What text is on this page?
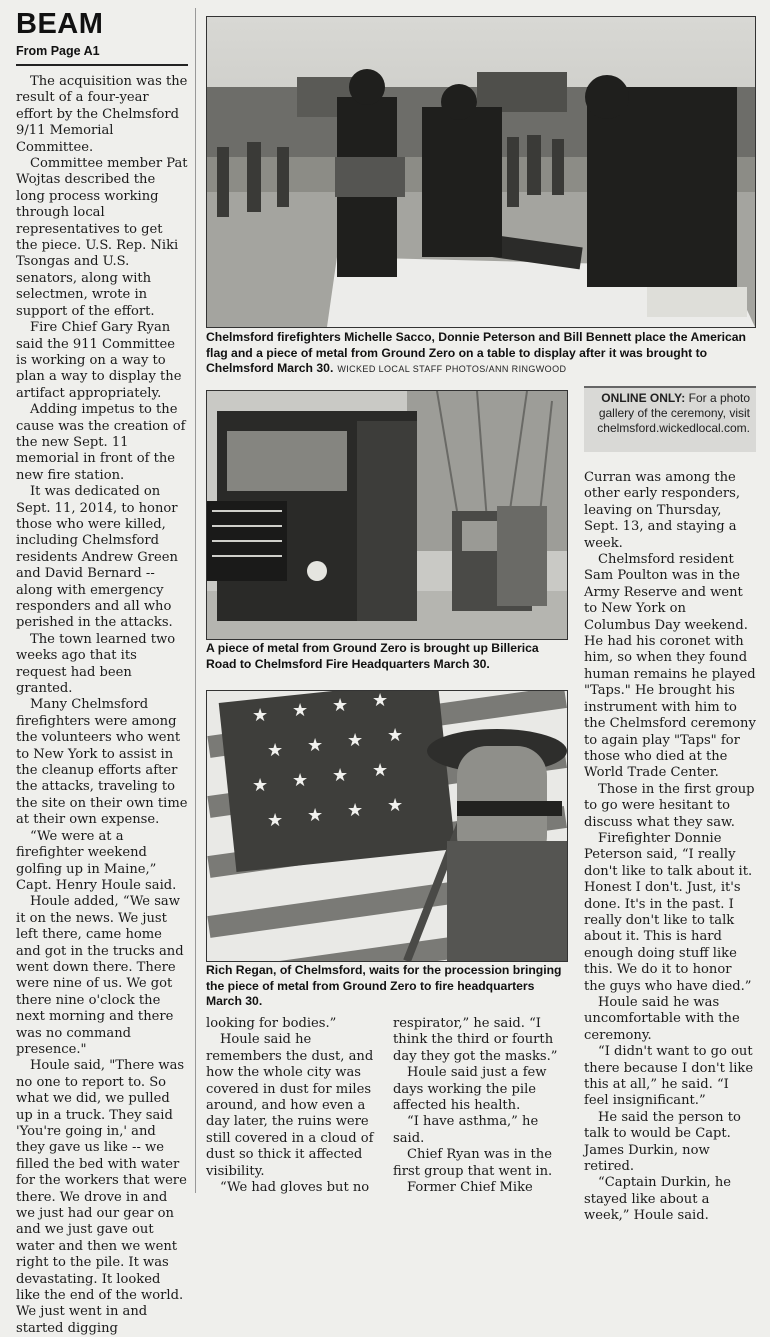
BEAM
From Page A1

The acquisition was the result of a four-year effort by the Chelmsford 9/11 Memorial Committee.

Committee member Pat Wojtas described the long process working through local representatives to get the piece. U.S. Rep. Niki Tsongas and U.S. senators, along with selectmen, wrote in support of the effort.

Fire Chief Gary Ryan said the 911 Committee is working on a way to plan a way to display the artifact appropriately.

Adding impetus to the cause was the creation of the new Sept. 11 memorial in front of the new fire station.

It was dedicated on Sept. 11, 2014, to honor those who were killed, including Chelmsford residents Andrew Green and David Bernard -- along with emergency responders and all who perished in the attacks.

The town learned two weeks ago that its request had been granted.

Many Chelmsford firefighters were among the volunteers who went to New York to assist in the cleanup efforts after the attacks, traveling to the site on their own time at their own expense.

“We were at a firefighter weekend golfing up in Maine,” Capt. Henry Houle said.

Houle added, “We saw it on the news. We just left there, came home and got in the trucks and went down there. There were nine of us. We got there nine o'clock the next morning and there was no command presence."

Houle said, "There was no one to report to. So what we did, we pulled up in a truck. They said 'You're going in,' and they gave us like -- we filled the bed with water for the workers that were there. We drove in and we just had our gear on and we just gave out water and then we went right to the pile. It was devastating. It looked like the end of the world. We just went in and started digging

Chelmsford firefighters Michelle Sacco, Donnie Peterson and Bill Bennett place the American flag and a piece of metal from Ground Zero on a table to display after it was brought to Chelmsford March 30. WICKED LOCAL STAFF PHOTOS/ANN RINGWOOD
A piece of metal from Ground Zero is brought up Billerica Road to Chelmsford Fire Headquarters March 30.
ONLINE ONLY: For a photo gallery of the ceremony, visit chelmsford.wickedlocal.com.
★ ★ ★ ★
★ ★ ★ ★
★ ★ ★ ★
★ ★ ★ ★
Rich Regan, of Chelmsford, waits for the procession bringing the piece of metal from Ground Zero to fire headquarters March 30.

looking for bodies.”

Houle said he remembers the dust, and how the whole city was covered in dust for miles around, and how even a day later, the ruins were still covered in a cloud of dust so thick it affected visibility.

“We had gloves but no

respirator,” he said. “I think the third or fourth day they got the masks.”

Houle said just a few days working the pile affected his health.

“I have asthma,” he said.

Chief Ryan was in the first group that went in.

Former Chief Mike

Curran was among the other early responders, leaving on Thursday, Sept. 13, and staying a week.

Chelmsford resident Sam Poulton was in the Army Reserve and went to New York on Columbus Day weekend. He had his coronet with him, so when they found human remains he played "Taps." He brought his instrument with him to the Chelmsford ceremony to again play "Taps" for those who died at the World Trade Center.

Those in the first group to go were hesitant to discuss what they saw.

Firefighter Donnie Peterson said, “I really don't like to talk about it. Honest I don't. Just, it's done. It's in the past. I really don't like to talk about it. This is hard enough doing stuff like this. We do it to honor the guys who have died.”

Houle said he was uncomfortable with the ceremony.

“I didn't want to go out there because I don't like this at all,” he said. “I feel insignificant.”

He said the person to talk to would be Capt. James Durkin, now retired.

“Captain Durkin, he stayed like about a week,” Houle said.
